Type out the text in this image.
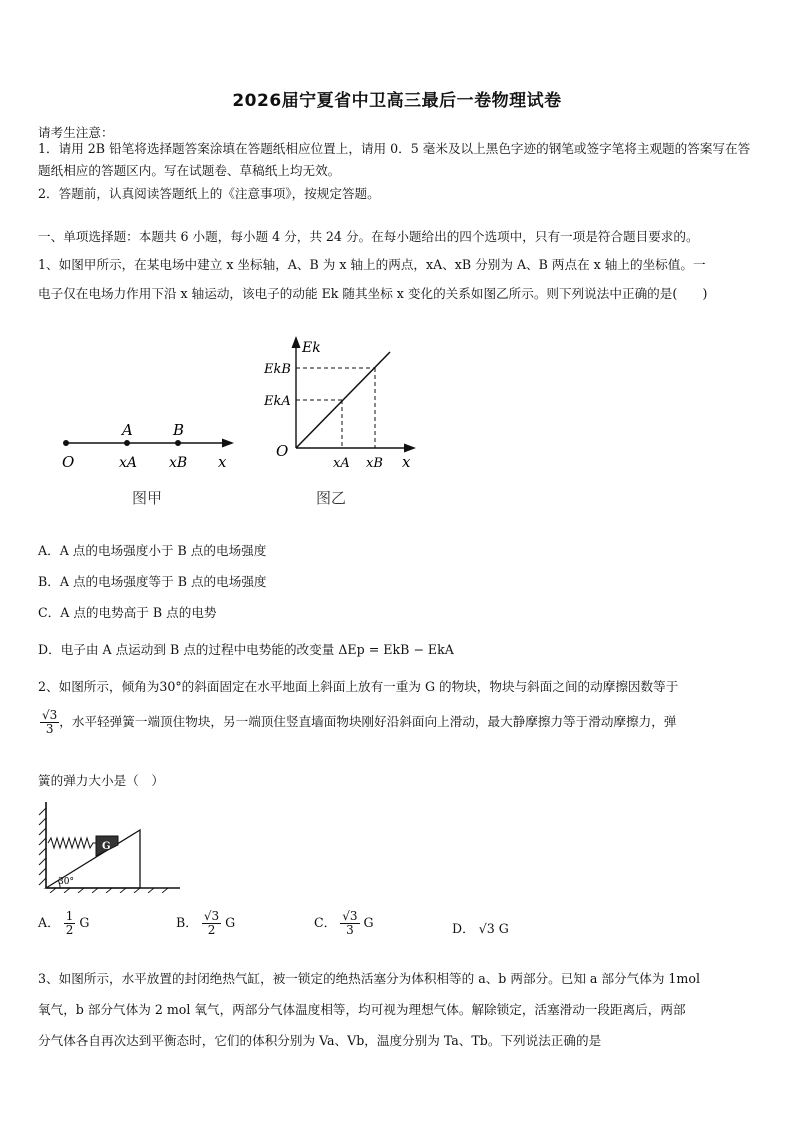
2026届宁夏省中卫高三最后一卷物理试卷
请考生注意：
1．请用 2B 铅笔将选择题答案涂填在答题纸相应位置上，请用 0．5 毫米及以上黑色字迹的钢笔或签字笔将主观题的答案写在答题纸相应的答题区内。写在试题卷、草稿纸上均无效。
2．答题前，认真阅读答题纸上的《注意事项》，按规定答题。
一、单项选择题：本题共 6 小题，每小题 4 分，共 24 分。在每小题给出的四个选项中，只有一项是符合题目要求的。
1、如图甲所示，在某电场中建立 x 坐标轴，A、B 为 x 轴上的两点，xA、xB 分别为 A、B 两点在 x 轴上的坐标值。一
电子仅在电场力作用下沿 x 轴运动，该电子的动能 Ek 随其坐标 x 变化的关系如图乙所示。则下列说法中正确的是(　　)
A	B
O	xA xB x
图甲
Ek
EkB
EkA
O
xA xB x
图乙
A．A 点的电场强度小于 B 点的电场强度
B．A 点的电场强度等于 B 点的电场强度
C．A 点的电势高于 B 点的电势
D．电子由 A 点运动到 B 点的过程中电势能的改变量 ΔEp = EkB − EkA
2、如图所示，倾角为30°的斜面固定在水平地面上斜面上放有一重为 G 的物块，物块与斜面之间的动摩擦因数等于
$\frac{√3}{3}$ ，水平轻弹簧一端顶住物块，另一端顶住竖直墙面物块刚好沿斜面向上滑动，最大静摩擦力等于滑动摩擦力，弹
簧的弹力大小是（　）
G
30°
A． $\frac{1}{2}$ G	B． $\frac{√3}{2}$ G	C． $\frac{√3}{3}$ G	D． √3 G
3、如图所示，水平放置的封闭绝热气缸，被一锁定的绝热活塞分为体积相等的 a、b 两部分。已知 a 部分气体为 1mol
氧气，b 部分气体为 2 mol 氧气，两部分气体温度相等，均可视为理想气体。解除锁定，活塞滑动一段距离后，两部
分气体各自再次达到平衡态时，它们的体积分别为 Va、Vb，温度分别为 Ta、Tb。下列说法正确的是
